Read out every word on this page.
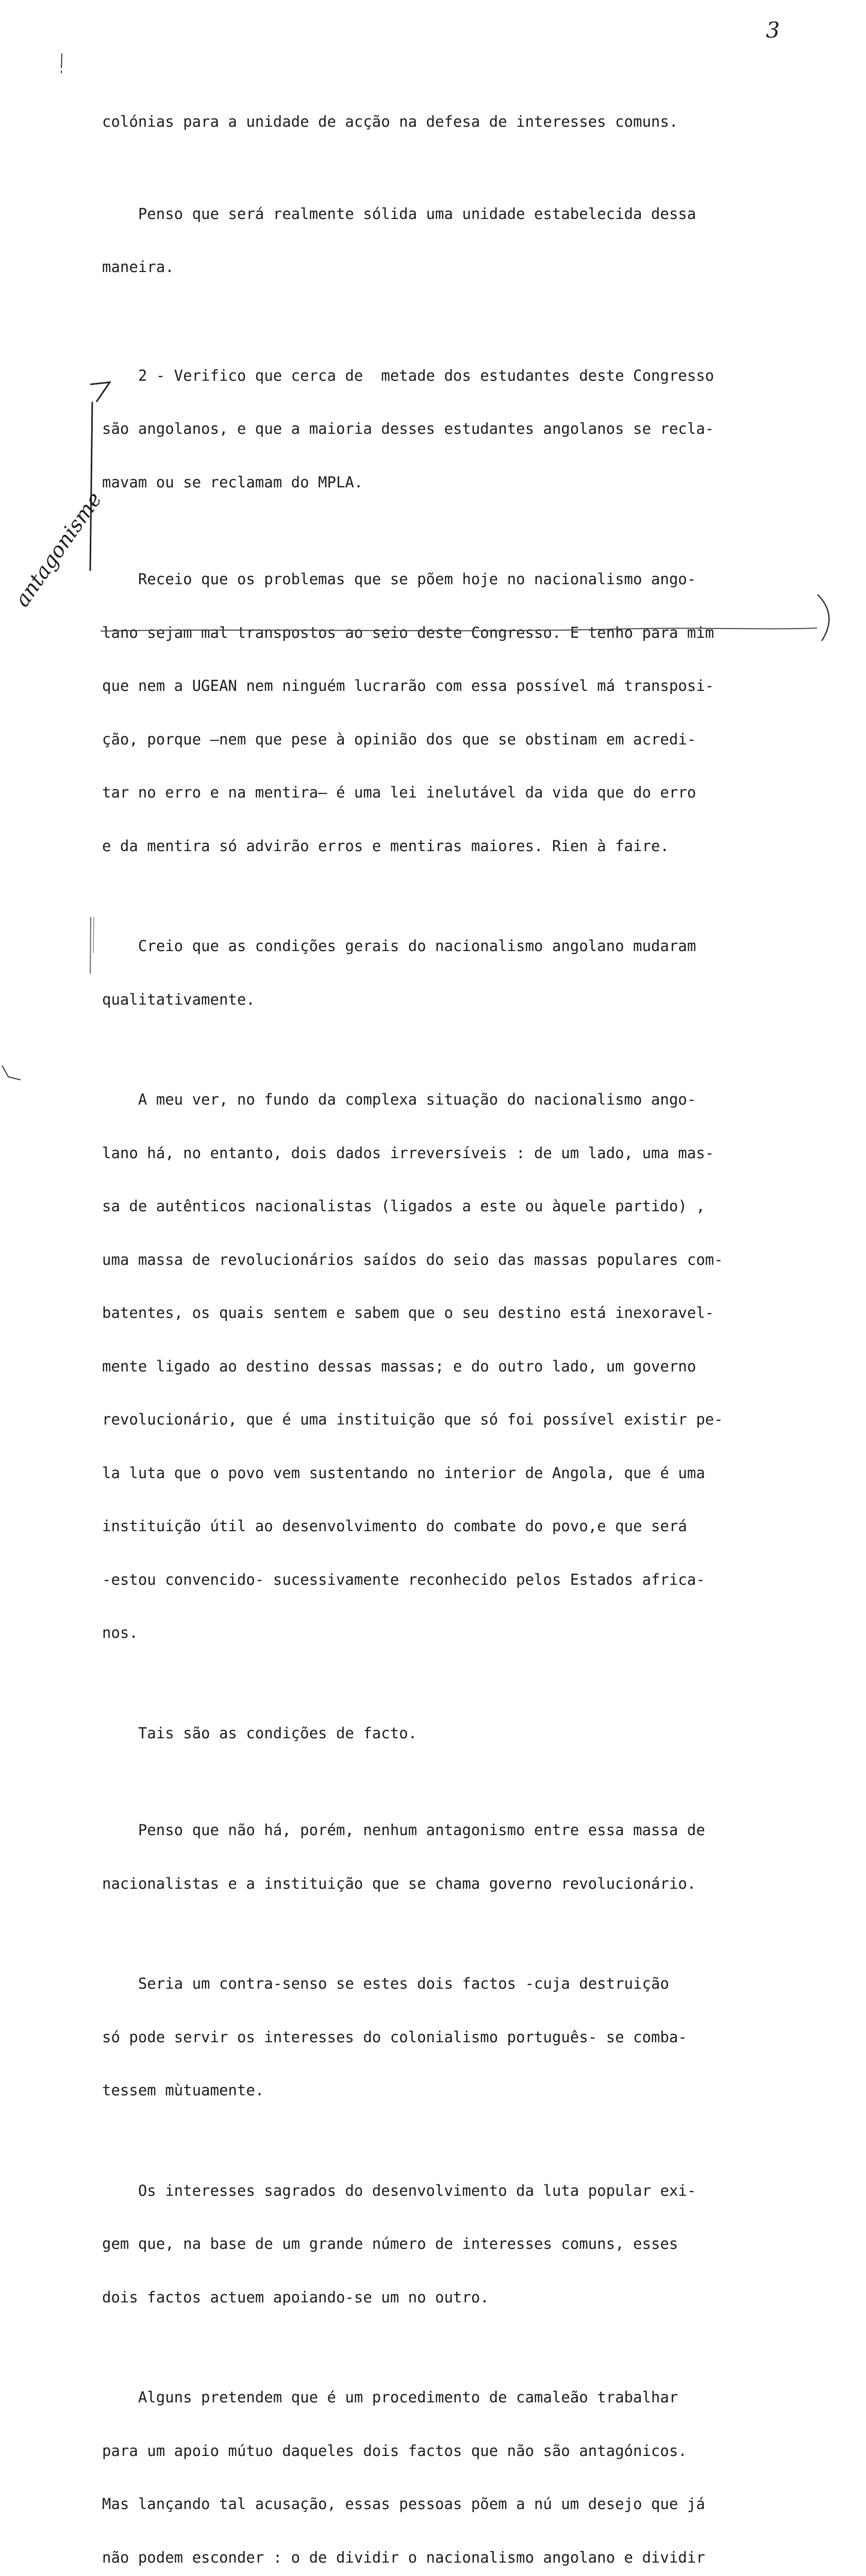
3

colónias para a unidade de acção na defesa de interesses comuns.

Penso que será realmente sólida uma unidade estabelecida dessa

maneira.

2 - Verifico que cerca de  metade dos estudantes deste Congresso

são angolanos, e que a maioria desses estudantes angolanos se recla-

mavam ou se reclamam do MPLA.

Receio que os problemas que se põem hoje no nacionalismo ango-

lano sejam mal transpostos ao seio deste Congresso. E tenho para mim

que nem a UGEAN nem ninguém lucrarão com essa possível má transposi-

ção, porque —nem que pese à opinião dos que se obstinam em acredi-

tar no erro e na mentira— é uma lei inelutável da vida que do erro

e da mentira só advirão erros e mentiras maiores. Rien à faire.

Creio que as condições gerais do nacionalismo angolano mudaram

qualitativamente.

A meu ver, no fundo da complexa situação do nacionalismo ango-

lano há, no entanto, dois dados irreversíveis : de um lado, uma mas-

sa de autênticos nacionalistas (ligados a este ou àquele partido) ,

uma massa de revolucionários saídos do seio das massas populares com-

batentes, os quais sentem e sabem que o seu destino está inexoravel-

mente ligado ao destino dessas massas; e do outro lado, um governo

revolucionário, que é uma instituição que só foi possível existir pe-

la luta que o povo vem sustentando no interior de Angola, que é uma

instituição útil ao desenvolvimento do combate do povo,e que será

-estou convencido- sucessivamente reconhecido pelos Estados africa-

nos.

Tais são as condições de facto.

Penso que não há, porém, nenhum antagonismo entre essa massa de

nacionalistas e a instituição que se chama governo revolucionário.

Seria um contra-senso se estes dois factos -cuja destruição

só pode servir os interesses do colonialismo português- se comba-

tessem mùtuamente.

Os interesses sagrados do desenvolvimento da luta popular exi-

gem que, na base de um grande número de interesses comuns, esses

dois factos actuem apoiando-se um no outro.

Alguns pretendem que é um procedimento de camaleão trabalhar

para um apoio mútuo daqueles dois factos que não são antagónicos.

Mas lançando tal acusação, essas pessoas põem a nú um desejo que já

não podem esconder : o de dividir o nacionalismo angolano e dividir

antagonisme
